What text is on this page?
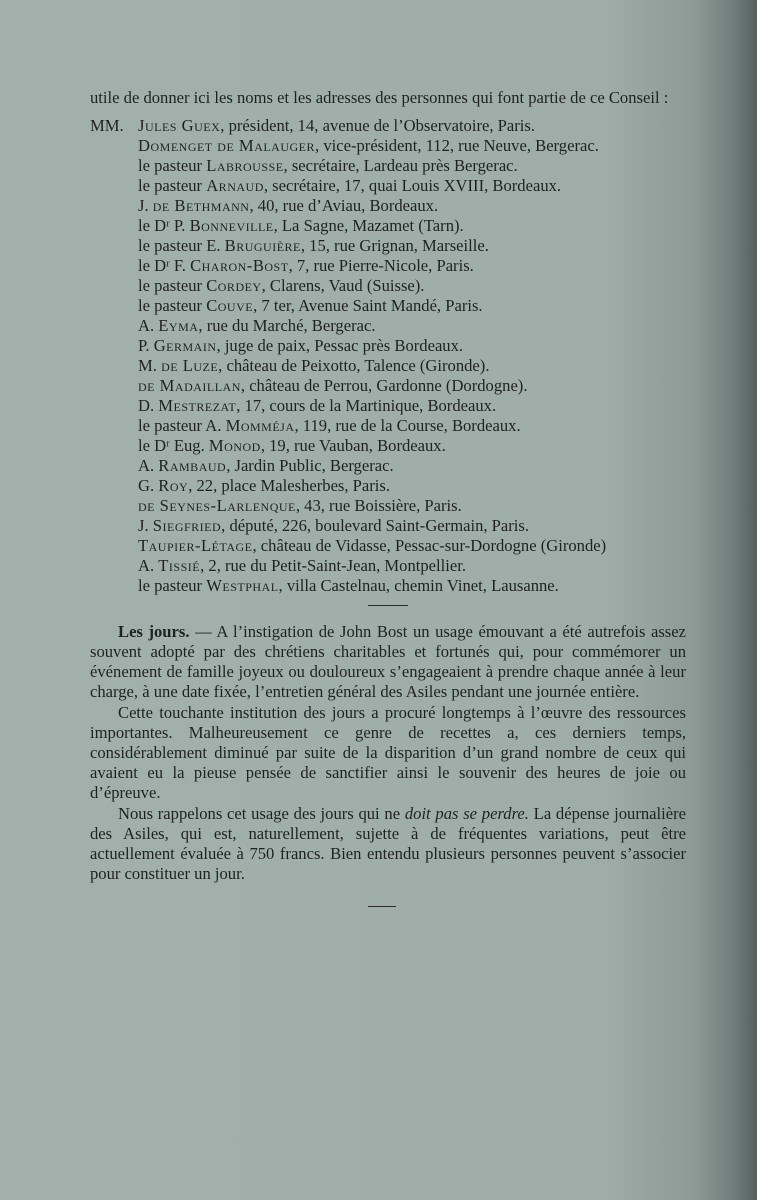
utile de donner ici les noms et les adresses des personnes qui font partie de ce Conseil :

MM. Jules Guex, président, 14, avenue de l’Observatoire, Paris.
Domenget de Malauger, vice-président, 112, rue Neuve, Bergerac.
le pasteur Labrousse, secrétaire, Lardeau près Bergerac.
le pasteur Arnaud, secrétaire, 17, quai Louis XVIII, Bordeaux.
J. de Bethmann, 40, rue d’Aviau, Bordeaux.
le Dʳ P. Bonneville, La Sagne, Mazamet (Tarn).
le pasteur E. Bruguière, 15, rue Grignan, Marseille.
le Dʳ F. Charon-Bost, 7, rue Pierre-Nicole, Paris.
le pasteur Cordey, Clarens, Vaud (Suisse).
le pasteur Couve, 7 ter, Avenue Saint Mandé, Paris.
A. Eyma, rue du Marché, Bergerac.
P. Germain, juge de paix, Pessac près Bordeaux.
M. de Luze, château de Peixotto, Talence (Gironde).
de Madaillan, château de Perrou, Gardonne (Dordogne).
D. Mestrezat, 17, cours de la Martinique, Bordeaux.
le pasteur A. Momméja, 119, rue de la Course, Bordeaux.
le Dʳ Eug. Monod, 19, rue Vauban, Bordeaux.
A. Rambaud, Jardin Public, Bergerac.
G. Roy, 22, place Malesherbes, Paris.
de Seynes-Larlenque, 43, rue Boissière, Paris.
J. Siegfried, député, 226, boulevard Saint-Germain, Paris.
Taupier-Létage, château de Vidasse, Pessac-sur-Dordogne (Gironde)
A. Tissié, 2, rue du Petit-Saint-Jean, Montpellier.
le pasteur Westphal, villa Castelnau, chemin Vinet, Lausanne.

Les jours. — A l’instigation de John Bost un usage émouvant a été autrefois assez souvent adopté par des chrétiens charitables et fortunés qui, pour commémorer un événement de famille joyeux ou douloureux s’engageaient à prendre chaque année à leur charge, à une date fixée, l’entretien général des Asiles pendant une journée entière.

Cette touchante institution des jours a procuré longtemps à l’œuvre des ressources importantes. Malheureusement ce genre de recettes a, ces derniers temps, considérablement diminué par suite de la disparition d’un grand nombre de ceux qui avaient eu la pieuse pensée de sanctifier ainsi le souvenir des heures de joie ou d’épreuve.

Nous rappelons cet usage des jours qui ne doit pas se perdre. La dépense journalière des Asiles, qui est, naturellement, sujette à de fréquentes variations, peut être actuellement évaluée à 750 francs. Bien entendu plusieurs personnes peuvent s’associer pour constituer un jour.
